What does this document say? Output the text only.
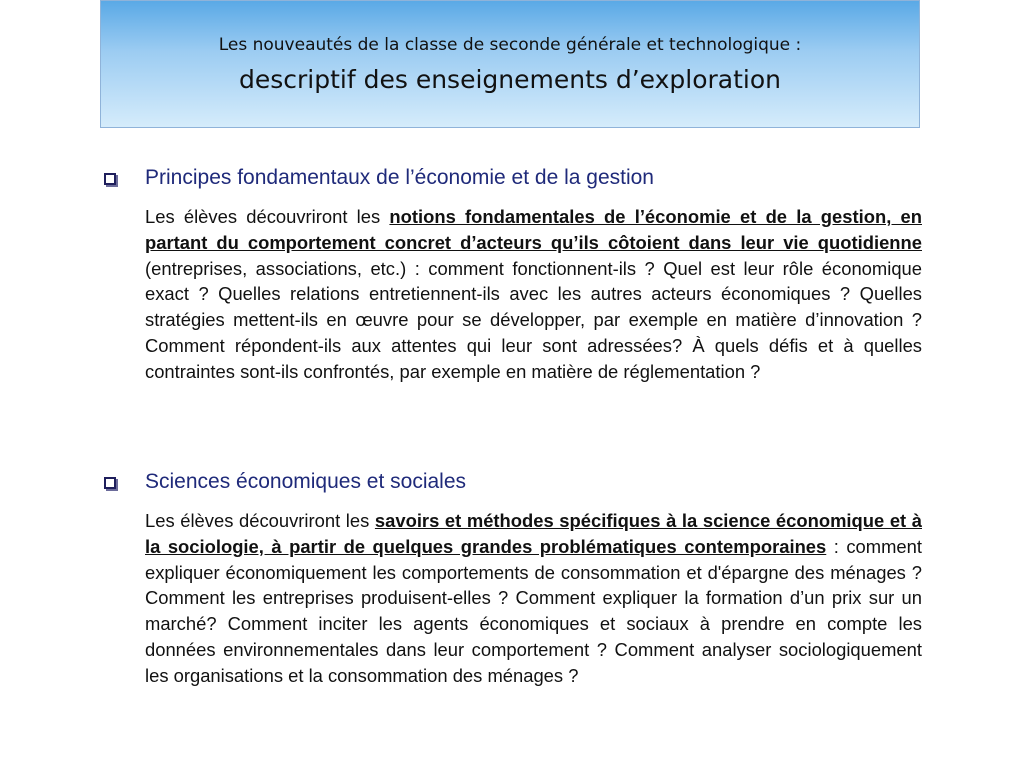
Les nouveautés de la classe de seconde générale et technologique :
descriptif des enseignements d’exploration
Principes fondamentaux de l’économie et de la gestion
Les élèves découvriront les notions fondamentales de l’économie et de la gestion, en partant du comportement concret d’acteurs qu’ils côtoient dans leur vie quotidienne (entreprises, associations, etc.) : comment fonctionnent-ils ? Quel est leur rôle économique exact ? Quelles relations entretiennent-ils avec les autres acteurs économiques ? Quelles stratégies mettent-ils en œuvre pour se développer, par exemple en matière d’innovation ? Comment répondent-ils aux attentes qui leur sont adressées? À quels défis et à quelles contraintes sont-ils confrontés, par exemple en matière de réglementation ?
Sciences économiques et sociales
Les élèves découvriront les savoirs et méthodes spécifiques à la science économique et à la sociologie, à partir de quelques grandes problématiques contemporaines : comment expliquer économiquement les comportements de consommation et d'épargne des ménages ? Comment les entreprises produisent-elles ? Comment expliquer la formation d’un prix sur un marché? Comment inciter les agents économiques et sociaux à prendre en compte les données environnementales dans leur comportement ? Comment analyser sociologiquement les organisations et la consommation des ménages ?
